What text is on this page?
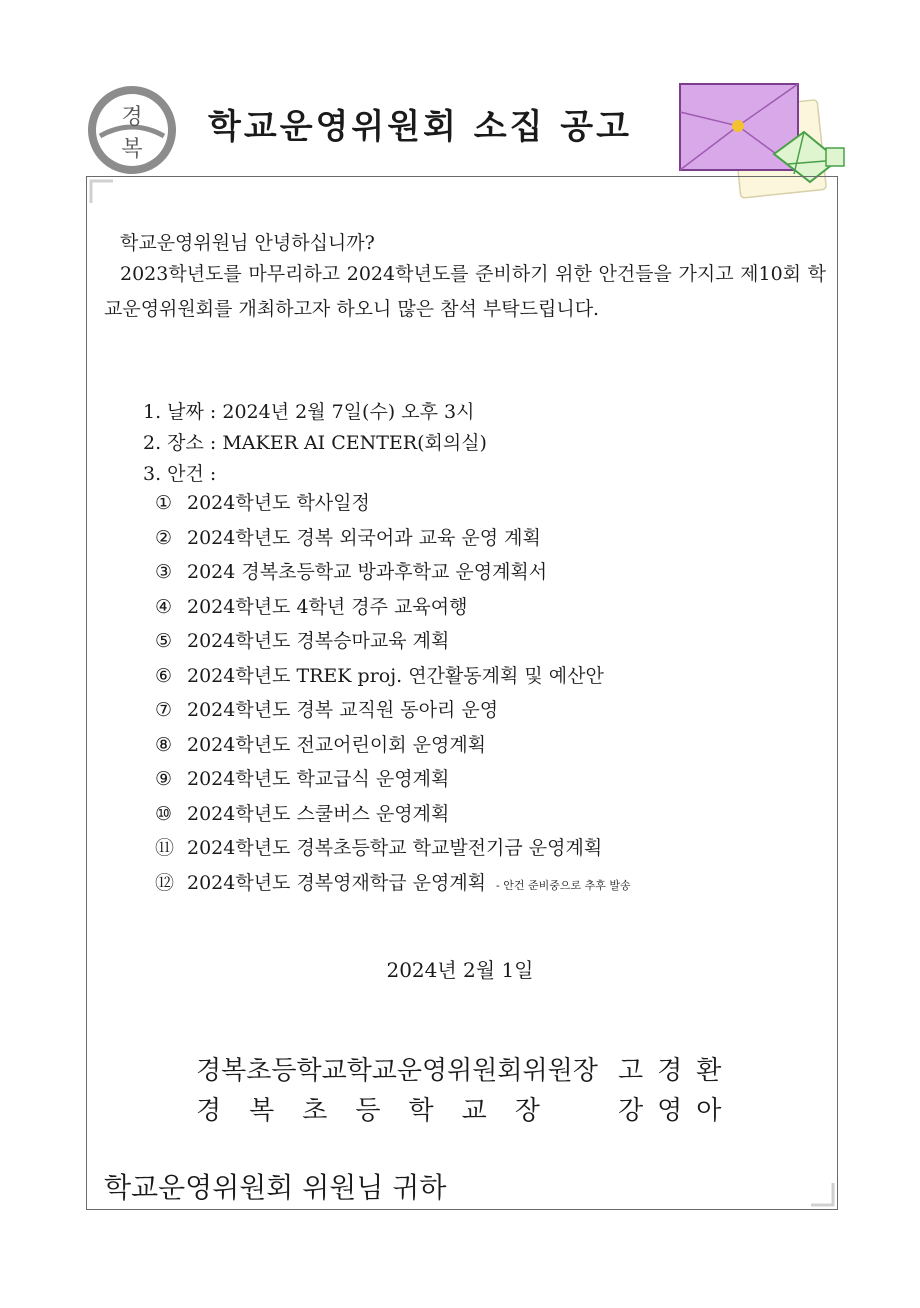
경
복
학교운영위원회 소집 공고
학교운영위원님 안녕하십니까?

2023학년도를 마무리하고 2024학년도를 준비하기 위한 안건들을 가지고 제10회 학교운영위원회를 개최하고자 하오니 많은 참석 부탁드립니다.

1. 날짜 : 2024년 2월 7일(수) 오후 3시
2. 장소 : MAKER AI CENTER(회의실)
3. 안건 :
① 2024학년도 학사일정
② 2024학년도 경복 외국어과 교육 운영 계획
③ 2024 경복초등학교 방과후학교 운영계획서
④ 2024학년도 4학년 경주 교육여행
⑤ 2024학년도 경복승마교육 계획
⑥ 2024학년도 TREK proj. 연간활동계획 및 예산안
⑦ 2024학년도 경복 교직원 동아리 운영
⑧ 2024학년도 전교어린이회 운영계획
⑨ 2024학년도 학교급식 운영계획
⑩ 2024학년도 스쿨버스 운영계획
⑪ 2024학년도 경복초등학교 학교발전기금 운영계획
⑫ 2024학년도 경복영재학급 운영계획 - 안건 준비중으로 추후 발송
2024년 2월 1일
경복초등학교학교운영위원회위원장 고경환
경복초등학교장 강영아
학교운영위원회 위원님 귀하
